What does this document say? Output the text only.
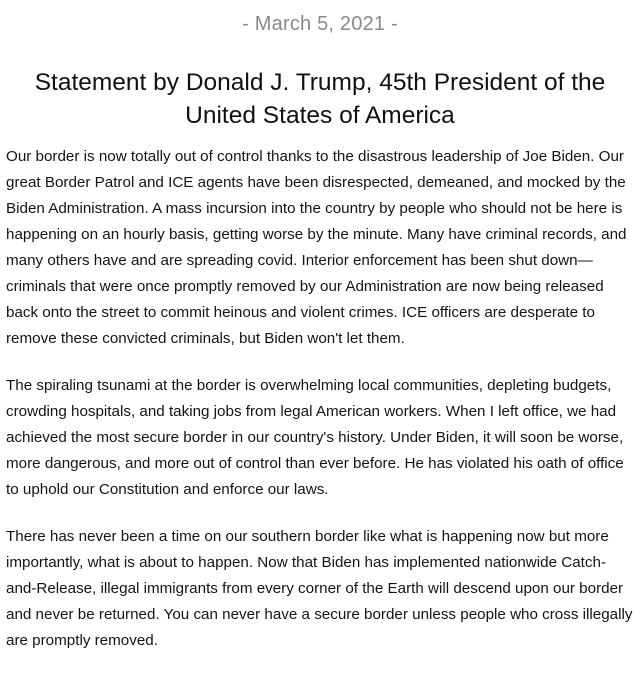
- March 5, 2021 -
Statement by Donald J. Trump, 45th President of the United States of America

Our border is now totally out of control thanks to the disastrous leadership of Joe Biden. Our great Border Patrol and ICE agents have been disrespected, demeaned, and mocked by the Biden Administration. A mass incursion into the country by people who should not be here is happening on an hourly basis, getting worse by the minute. Many have criminal records, and many others have and are spreading covid. Interior enforcement has been shut down—criminals that were once promptly removed by our Administration are now being released back onto the street to commit heinous and violent crimes. ICE officers are desperate to remove these convicted criminals, but Biden won't let them.

The spiraling tsunami at the border is overwhelming local communities, depleting budgets, crowding hospitals, and taking jobs from legal American workers. When I left office, we had achieved the most secure border in our country's history. Under Biden, it will soon be worse, more dangerous, and more out of control than ever before. He has violated his oath of office to uphold our Constitution and enforce our laws.

There has never been a time on our southern border like what is happening now but more importantly, what is about to happen. Now that Biden has implemented nationwide Catch-and-Release, illegal immigrants from every corner of the Earth will descend upon our border and never be returned. You can never have a secure border unless people who cross illegally are promptly removed.
